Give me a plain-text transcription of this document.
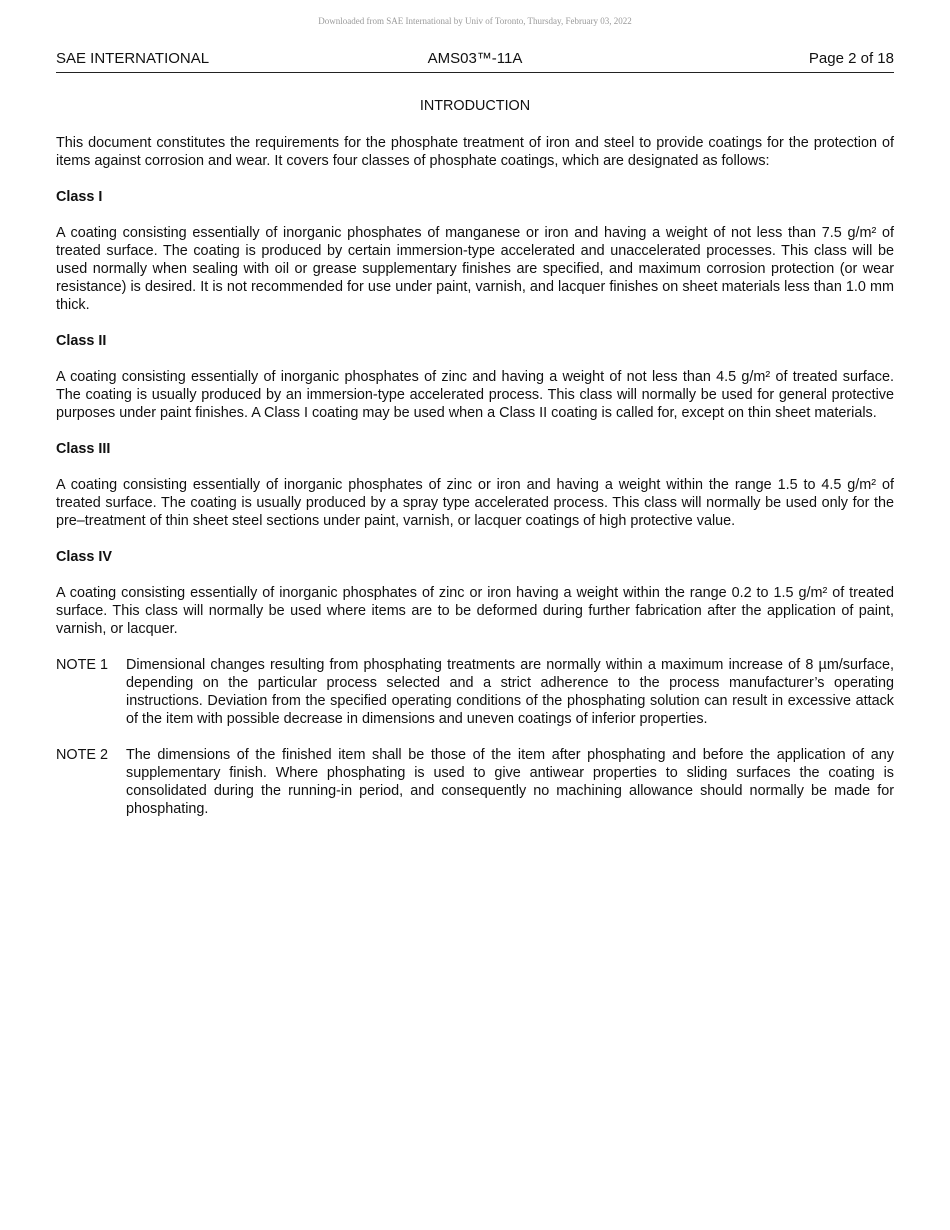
Downloaded from SAE International by Univ of Toronto, Thursday, February 03, 2022
AMS03™-11A
SAE INTERNATIONAL	Page 2 of 18
INTRODUCTION

This document constitutes the requirements for the phosphate treatment of iron and steel to provide coatings for the protection of items against corrosion and wear. It covers four classes of phosphate coatings, which are designated as follows:

Class I

A coating consisting essentially of inorganic phosphates of manganese or iron and having a weight of not less than 7.5 g/m² of treated surface. The coating is produced by certain immersion-type accelerated and unaccelerated processes. This class will be used normally when sealing with oil or grease supplementary finishes are specified, and maximum corrosion protection (or wear resistance) is desired. It is not recommended for use under paint, varnish, and lacquer finishes on sheet materials less than 1.0 mm thick.

Class II

A coating consisting essentially of inorganic phosphates of zinc and having a weight of not less than 4.5 g/m² of treated surface. The coating is usually produced by an immersion-type accelerated process. This class will normally be used for general protective purposes under paint finishes. A Class I coating may be used when a Class II coating is called for, except on thin sheet materials.

Class III

A coating consisting essentially of inorganic phosphates of zinc or iron and having a weight within the range 1.5 to 4.5 g/m² of treated surface. The coating is usually produced by a spray type accelerated process. This class will normally be used only for the pre–treatment of thin sheet steel sections under paint, varnish, or lacquer coatings of high protective value.

Class IV

A coating consisting essentially of inorganic phosphates of zinc or iron having a weight within the range 0.2 to 1.5 g/m² of treated surface. This class will normally be used where items are to be deformed during further fabrication after the application of paint, varnish, or lacquer.

NOTE 1	Dimensional changes resulting from phosphating treatments are normally within a maximum increase of 8 µm/surface, depending on the particular process selected and a strict adherence to the process manufacturer’s operating instructions. Deviation from the specified operating conditions of the phosphating solution can result in excessive attack of the item with possible decrease in dimensions and uneven coatings of inferior properties.
NOTE 2	The dimensions of the finished item shall be those of the item after phosphating and before the application of any supplementary finish. Where phosphating is used to give antiwear properties to sliding surfaces the coating is consolidated during the running-in period, and consequently no machining allowance should normally be made for phosphating.
